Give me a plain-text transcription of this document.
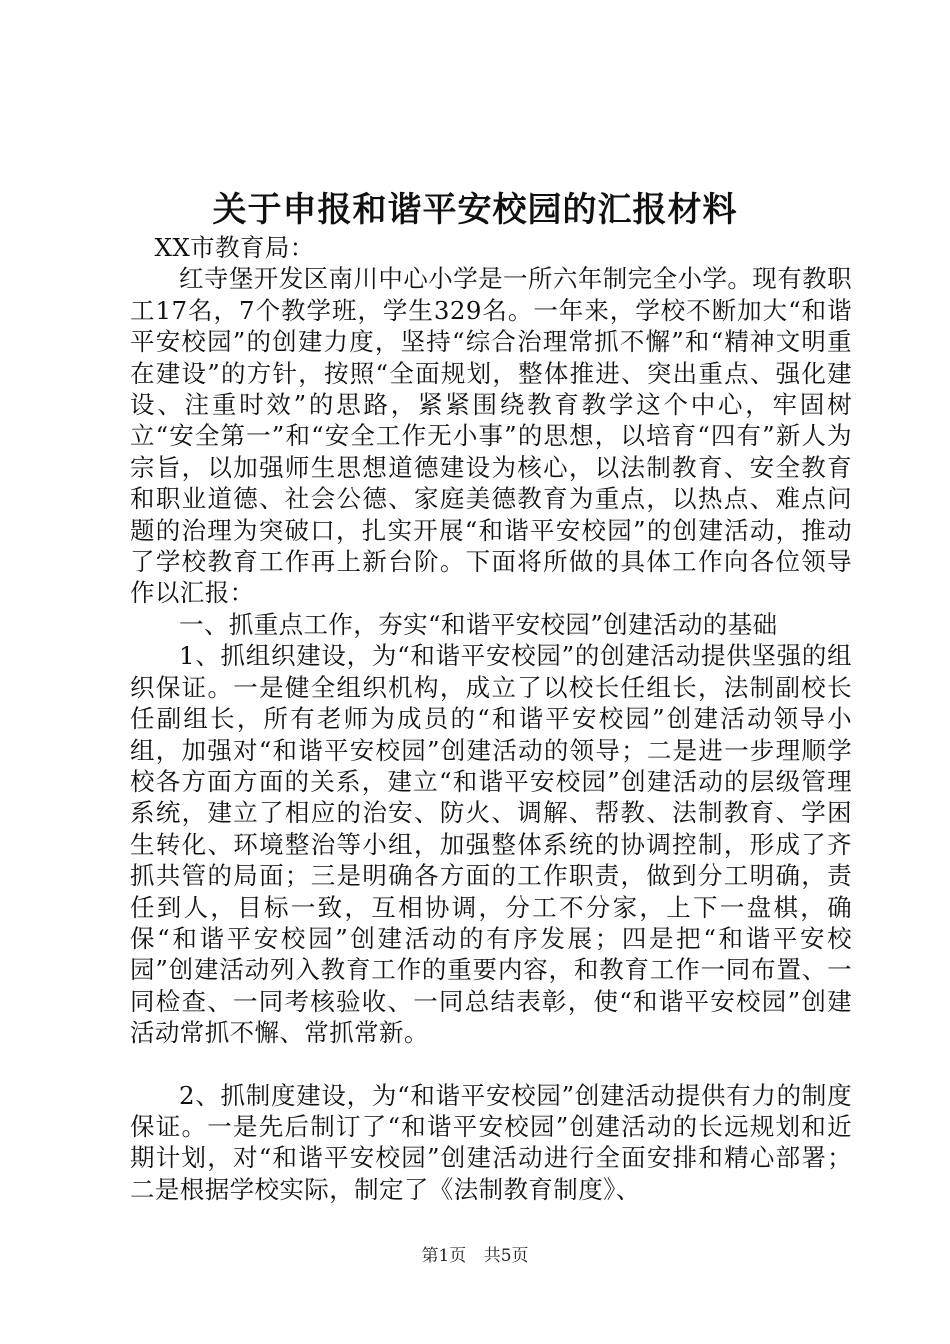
关于申报和谐平安校园的汇报材料

XX市教育局：

红寺堡开发区南川中心小学是一所六年制完全小学。现有教职工17名，7个教学班，学生329名。一年来，学校不断加大“和谐平安校园”的创建力度，坚持“综合治理常抓不懈”和“精神文明重在建设”的方针，按照“全面规划，整体推进、突出重点、强化建设、注重时效”的思路，紧紧围绕教育教学这个中心，牢固树立“安全第一”和“安全工作无小事”的思想，以培育“四有”新人为宗旨，以加强师生思想道德建设为核心，以法制教育、安全教育和职业道德、社会公德、家庭美德教育为重点，以热点、难点问题的治理为突破口，扎实开展“和谐平安校园”的创建活动，推动了学校教育工作再上新台阶。下面将所做的具体工作向各位领导作以汇报：

一、抓重点工作，夯实“和谐平安校园”创建活动的基础

1、抓组织建设，为“和谐平安校园”的创建活动提供坚强的组织保证。一是健全组织机构，成立了以校长任组长，法制副校长任副组长，所有老师为成员的“和谐平安校园”创建活动领导小组，加强对“和谐平安校园”创建活动的领导；二是进一步理顺学校各方面方面的关系，建立“和谐平安校园”创建活动的层级管理系统，建立了相应的治安、防火、调解、帮教、法制教育、学困生转化、环境整治等小组，加强整体系统的协调控制，形成了齐抓共管的局面；三是明确各方面的工作职责，做到分工明确，责任到人，目标一致，互相协调，分工不分家，上下一盘棋，确保“和谐平安校园”创建活动的有序发展；四是把“和谐平安校园”创建活动列入教育工作的重要内容，和教育工作一同布置、一同检查、一同考核验收、一同总结表彰，使“和谐平安校园”创建活动常抓不懈、常抓常新。

2、抓制度建设，为“和谐平安校园”创建活动提供有力的制度保证。一是先后制订了“和谐平安校园”创建活动的长远规划和近期计划，对“和谐平安校园”创建活动进行全面安排和精心部署；二是根据学校实际，制定了《法制教育制度》、

第1页 共5页
